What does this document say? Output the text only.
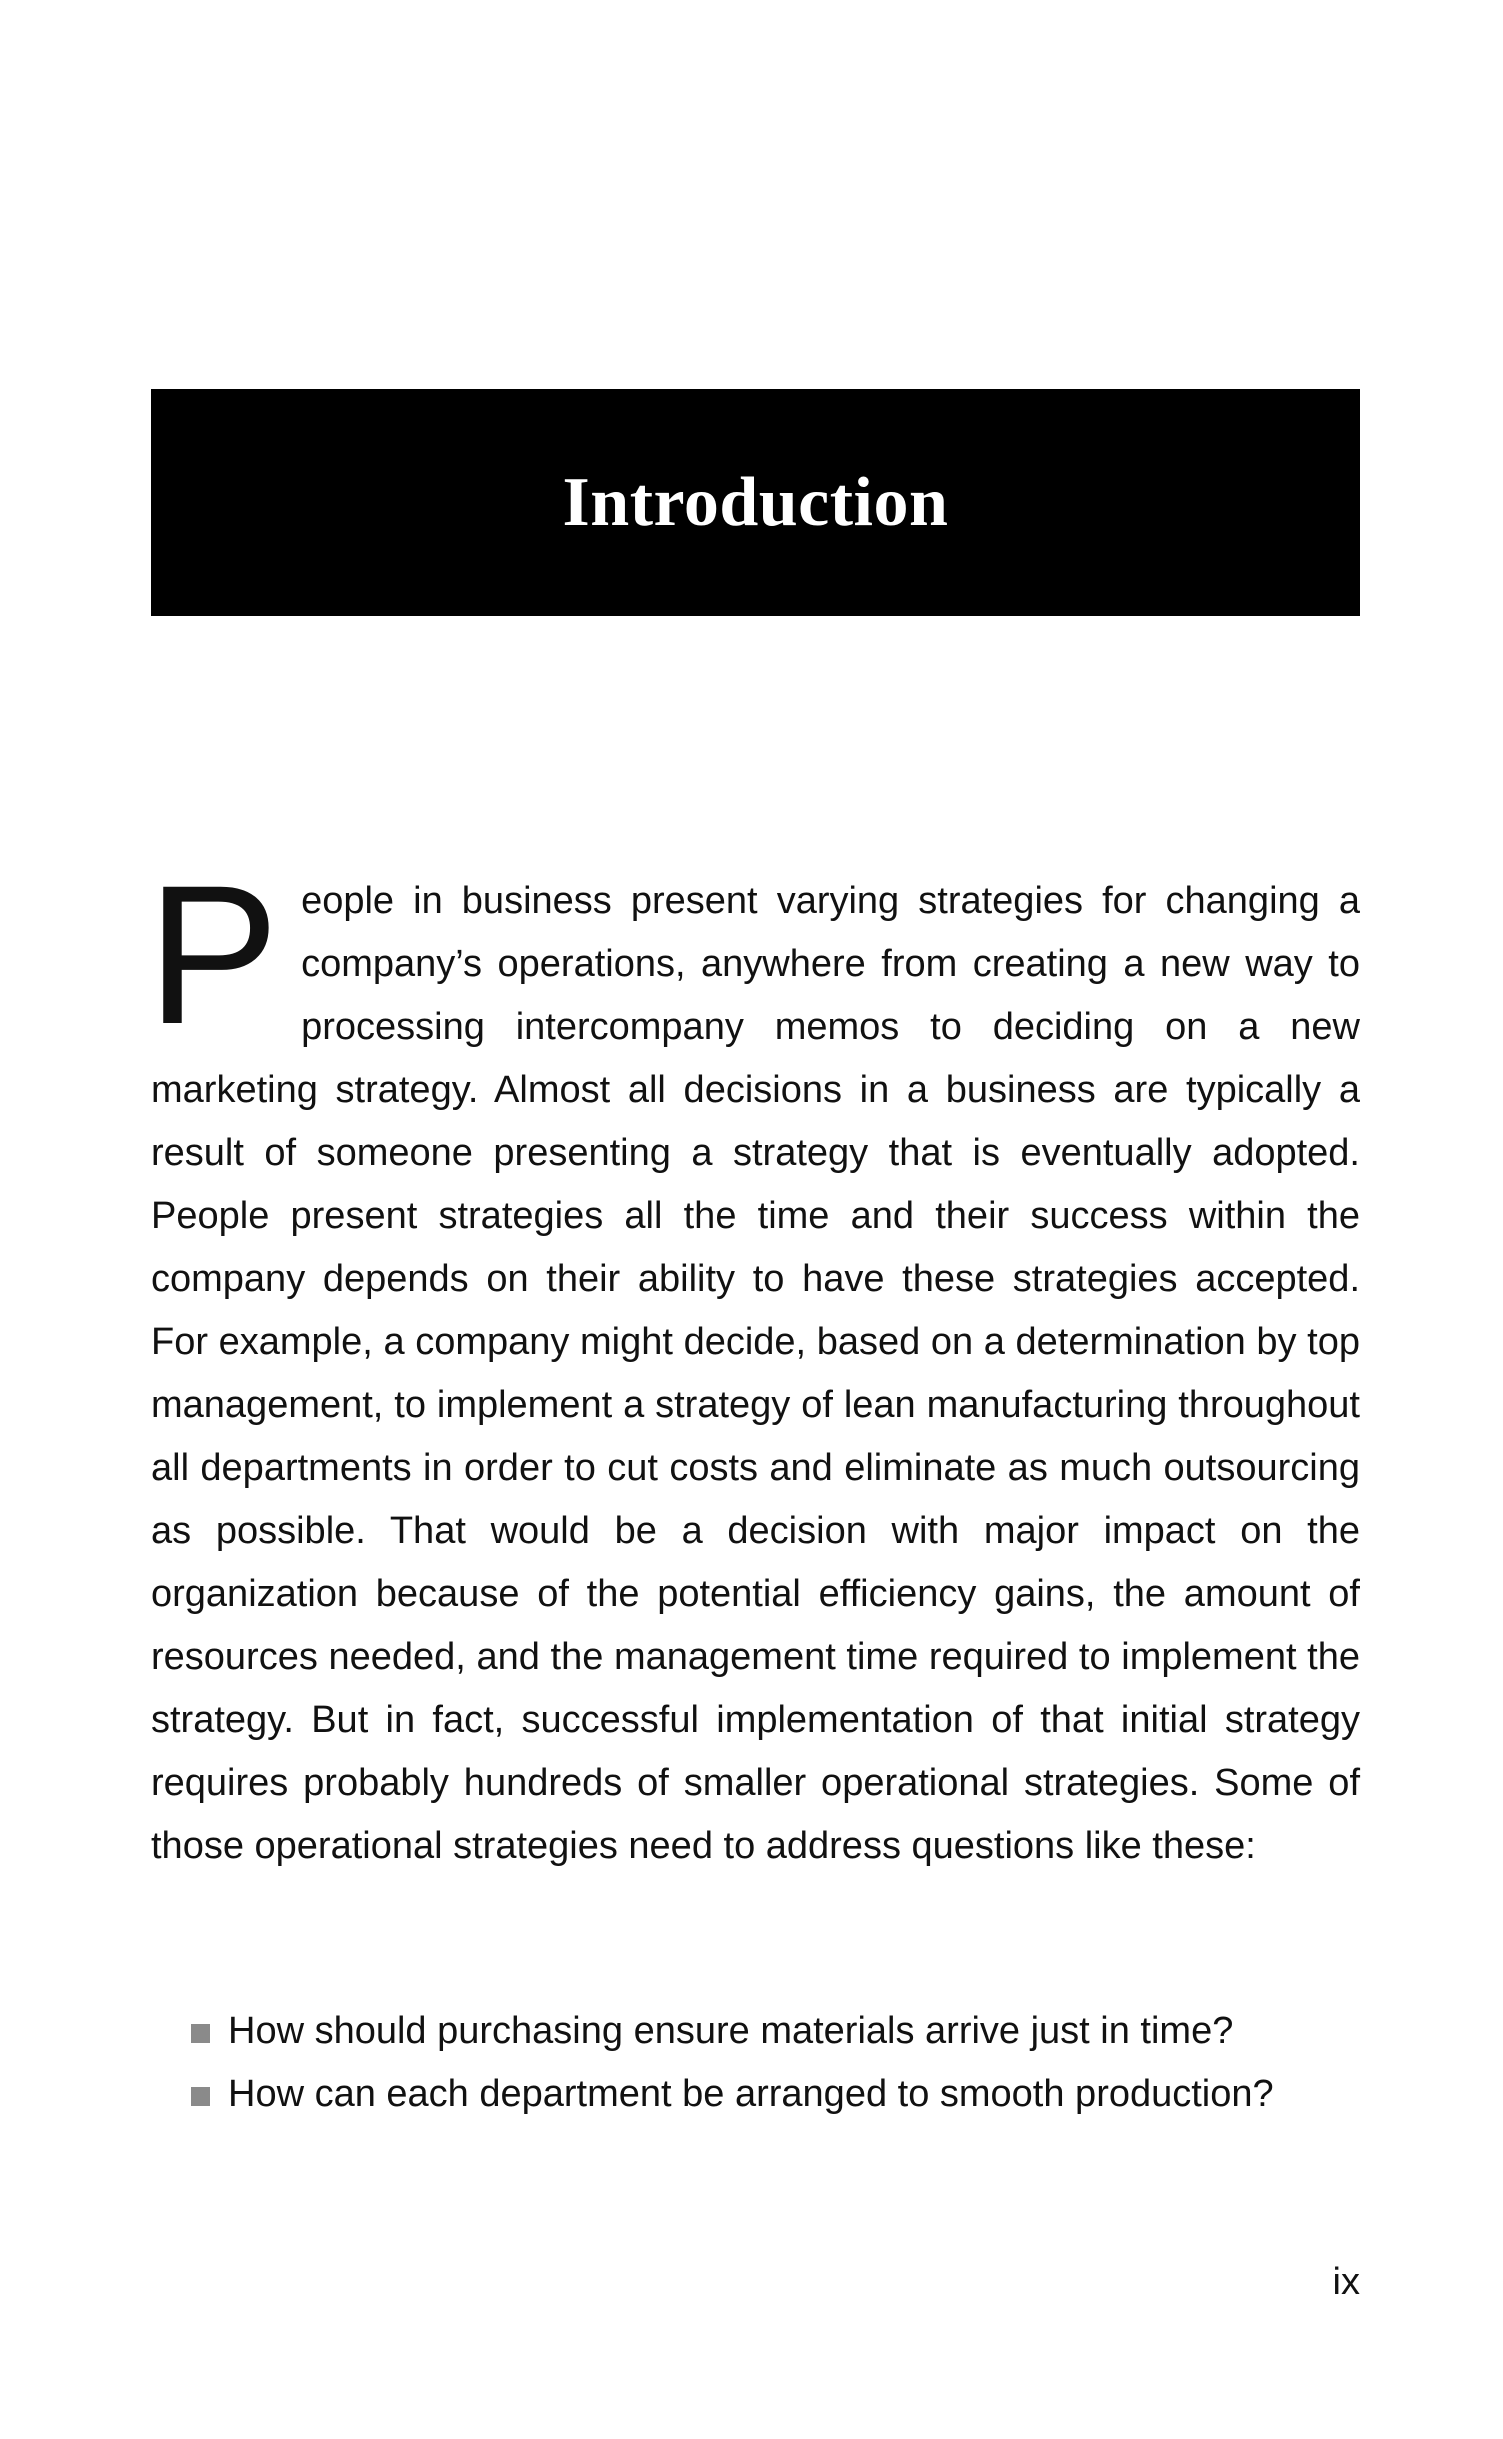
Introduction

People in business present varying strategies for changing a company’s operations, anywhere from creating a new way to processing intercompany memos to deciding on a new marketing strategy. Almost all decisions in a business are typically a result of someone presenting a strategy that is eventually adopted. People present strategies all the time and their success within the company depends on their ability to have these strategies accepted. For example, a company might decide, based on a determination by top management, to implement a strategy of lean manufacturing throughout all departments in order to cut costs and eliminate as much outsourcing as possible. That would be a decision with major impact on the organization because of the potential efficiency gains, the amount of resources needed, and the management time required to implement the strategy. But in fact, successful implementation of that initial strategy requires probably hundreds of smaller operational strategies. Some of those operational strategies need to address questions like these:

How should purchasing ensure materials arrive just in time?
How can each department be arranged to smooth production?
ix
